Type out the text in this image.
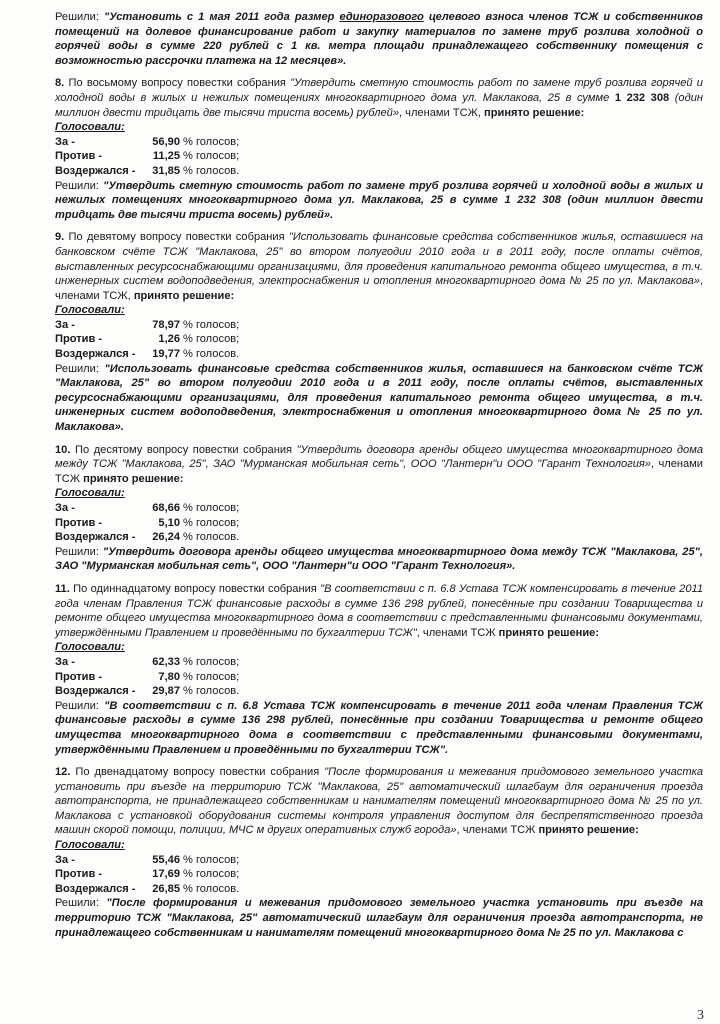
Решили: "Установить с 1 мая 2011 года размер единоразового целевого взноса членов ТСЖ и собственников помещений на долевое финансирование работ и закупку материалов по замене труб розлива холодной о горячей воды в сумме 220 рублей с 1 кв. метра площади принадлежащего собственнику помещения с возможностью рассрочки платежа на 12 месяцев».

8. По восьмому вопросу повестки собрания "Утвердить сметную стоимость работ по замене труб розлива горячей и холодной воды в жилых и нежилых помещениях многоквартирного дома ул. Маклакова, 25 в сумме 1 232 308 (один миллион двести тридцать две тысячи триста восемь) рублей», членами ТСЖ, принято решение:

Голосовали:

За -	56,90 % голосов;
Против -	11,25 % голосов;
Воздержался -	31,85 % голосов.

Решили: "Утвердить сметную стоимость работ по замене труб розлива горячей и холодной воды в жилых и нежилых помещениях многоквартирного дома ул. Маклакова, 25 в сумме 1 232 308 (один миллион двести тридцать две тысячи триста восемь) рублей».

9. По девятому вопросу повестки собрания "Использовать финансовые средства собственников жилья, оставшиеся на банковском счёте ТСЖ "Маклакова, 25" во втором полугодии 2010 года и в 2011 году, после оплаты счётов, выставленных ресурсоснабжающими организациями, для проведения капитального ремонта общего имущества, в т.ч. инженерных систем водоподведения, электроснабжения и отопления многоквартирного дома № 25 по ул. Маклакова», членами ТСЖ, принято решение:

Голосовали:

За -	78,97 % голосов;
Против -	1,26 % голосов;
Воздержался -	19,77 % голосов.

Решили: "Использовать финансовые средства собственников жилья, оставшиеся на банковском счёте ТСЖ "Маклакова, 25" во втором полугодии 2010 года и в 2011 году, после оплаты счётов, выставленных ресурсоснабжающими организациями, для проведения капитального ремонта общего имущества, в т.ч. инженерных систем водоподведения, электроснабжения и отопления многоквартирного дома № 25 по ул. Маклакова».

10. По десятому вопросу повестки собрания "Утвердить договора аренды общего имущества многоквартирного дома между ТСЖ "Маклакова, 25", ЗАО "Мурманская мобильная сеть", ООО "Лантерн"и ООО "Гарант Технология», членами ТСЖ принято решение:

Голосовали:

За -	68,66 % голосов;
Против -	5,10 % голосов;
Воздержался -	26,24 % голосов.

Решили: "Утвердить договора аренды общего имущества многоквартирного дома между ТСЖ "Маклакова, 25", ЗАО "Мурманская мобильная сеть", ООО "Лантерн"и ООО "Гарант Технология».

11. По одиннадцатому вопросу повестки собрания "В соответствии с п. 6.8 Устава ТСЖ компенсировать в течение 2011 года членам Правления ТСЖ финансовые расходы в сумме 136 298 рублей, понесённые при создании Товарищества и ремонте общего имущества многоквартирного дома в соответствии с представленными финансовыми документами, утверждёнными Правлением и проведёнными по бухгалтерии ТСЖ", членами ТСЖ принято решение:

Голосовали:

За -	62,33 % голосов;
Против -	7,80 % голосов;
Воздержался -	29,87 % голосов.

Решили: "В соответствии с п. 6.8 Устава ТСЖ компенсировать в течение 2011 года членам Правления ТСЖ финансовые расходы в сумме 136 298 рублей, понесённые при создании Товарищества и ремонте общего имущества многоквартирного дома в соответствии с представленными финансовыми документами, утверждёнными Правлением и проведёнными по бухгалтерии ТСЖ".

12. По двенадцатому вопросу повестки собрания "После формирования и межевания придомового земельного участка установить при въезде на территорию ТСЖ "Маклакова, 25" автоматический шлагбаум для ограничения проезда автотранспорта, не принадлежащего собственникам и нанимателям помещений многоквартирного дома № 25 по ул. Маклакова с установкой оборудования системы контроля управления доступом для беспрепятственного проезда машин скорой помощи, полиции, МЧС м других оперативных служб города», членами ТСЖ принято решение:

Голосовали:

За -	55,46 % голосов;
Против -	17,69 % голосов;
Воздержался -	26,85 % голосов.

Решили: "После формирования и межевания придомового земельного участка установить при въезде на территорию ТСЖ "Маклакова, 25" автоматический шлагбаум для ограничения проезда автотранспорта, не принадлежащего собственникам и нанимателям помещений многоквартирного дома № 25 по ул. Маклакова с

3
